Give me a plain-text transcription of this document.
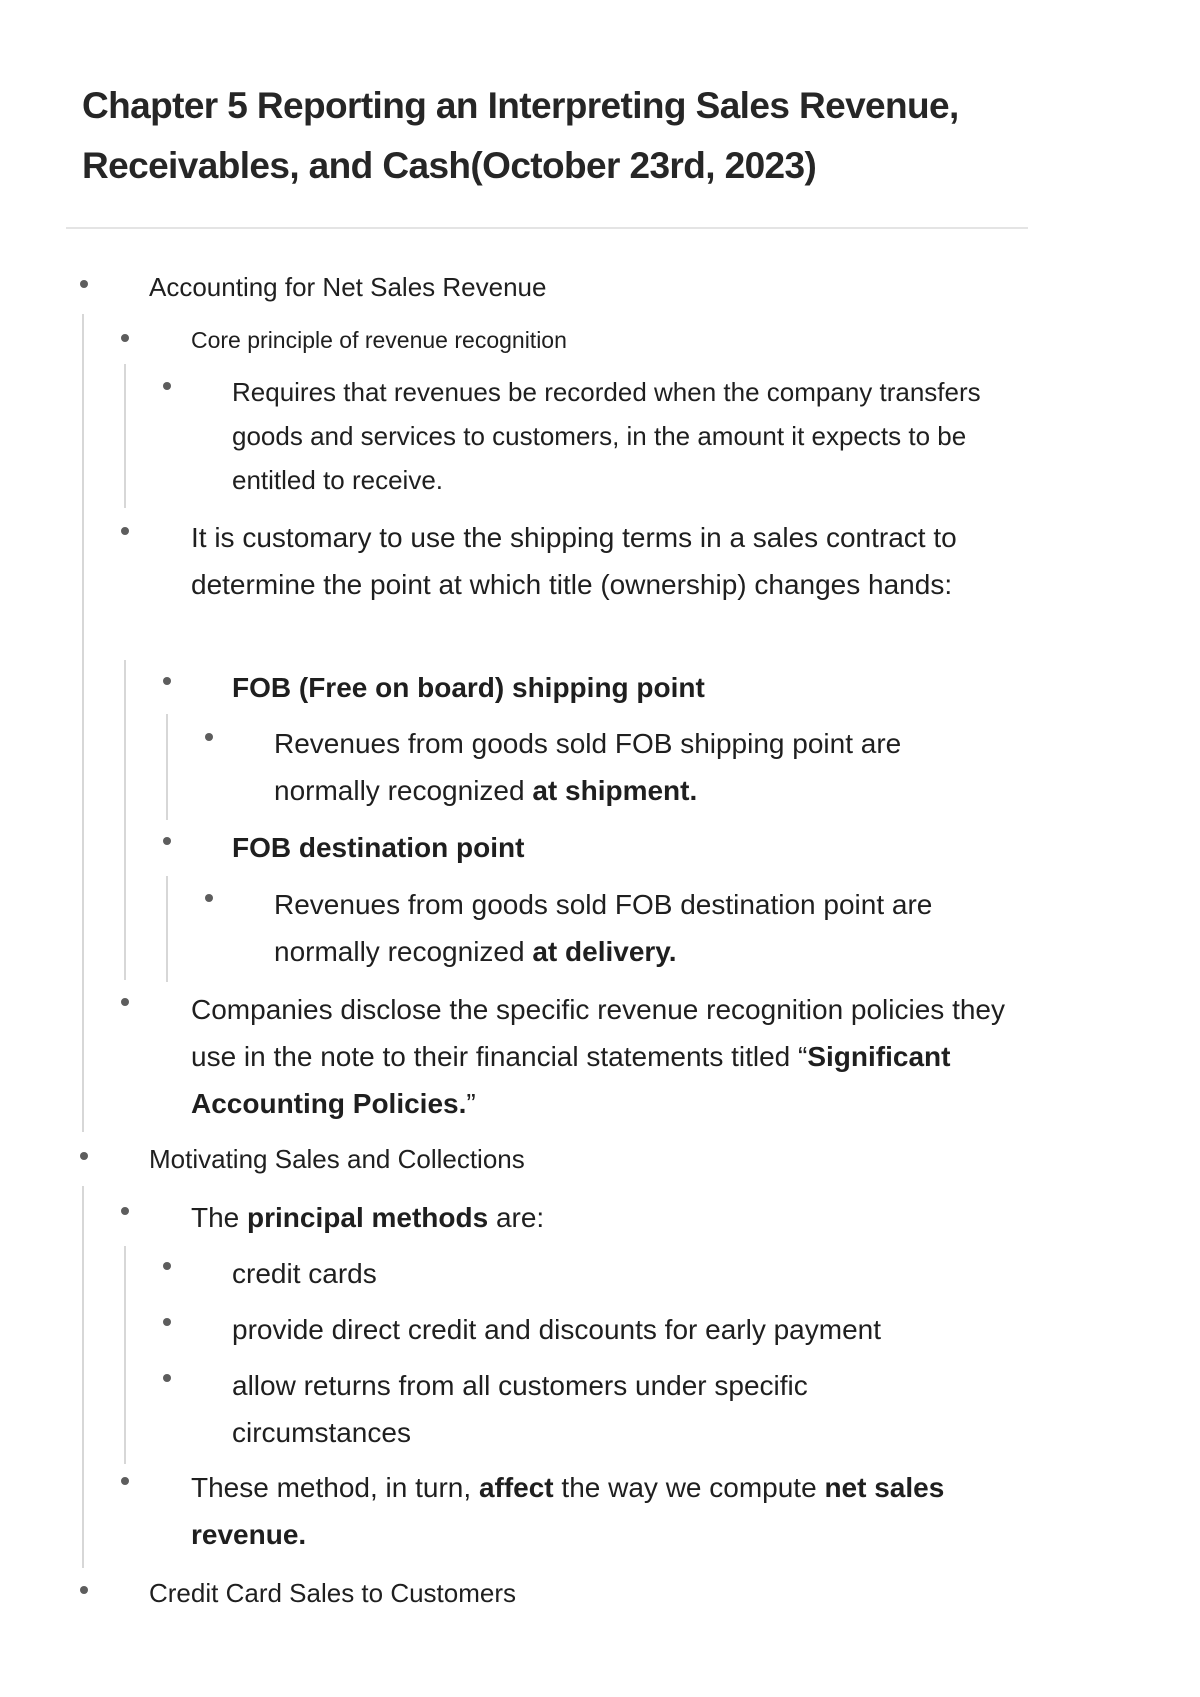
Chapter 5 Reporting an Interpreting Sales Revenue, Receivables, and Cash(October 23rd, 2023)

Accounting for Net Sales Revenue

Core principle of revenue recognition

Requires that revenues be recorded when the company transfers goods and services to customers, in the amount it expects to be entitled to receive.

It is customary to use the shipping terms in a sales contract to determine the point at which title (ownership) changes hands:

FOB (Free on board) shipping point

Revenues from goods sold FOB shipping point are normally recognized at shipment.

FOB destination point

Revenues from goods sold FOB destination point are normally recognized at delivery.

Companies disclose the specific revenue recognition policies they use in the note to their financial statements titled “Significant Accounting Policies.”

Motivating Sales and Collections

The principal methods are:

credit cards

provide direct credit and discounts for early payment

allow returns from all customers under specific circumstances

These method, in turn, affect the way we compute net sales revenue.

Credit Card Sales to Customers
